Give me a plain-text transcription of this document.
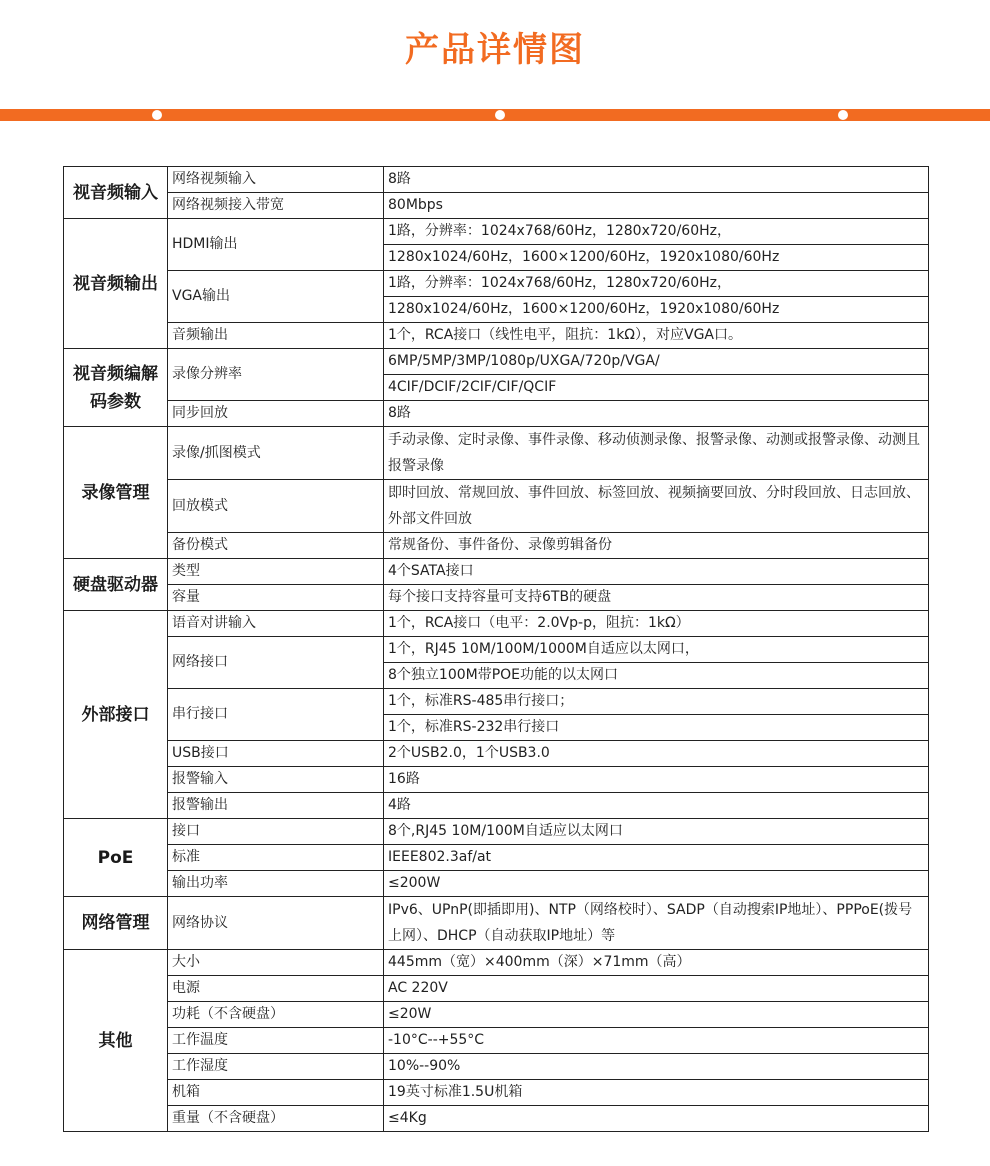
产品详情图
视音频输入	网络视频输入	8路
	网络视频接入带宽	80Mbps
视音频输出	HDMI输出	1路，分辨率：1024x768/60Hz，1280x720/60Hz，
		1280x1024/60Hz，1600×1200/60Hz，1920x1080/60Hz
	VGA输出	1路，分辨率：1024x768/60Hz，1280x720/60Hz，
		1280x1024/60Hz，1600×1200/60Hz，1920x1080/60Hz
	音频输出	1个，RCA接口（线性电平，阻抗：1kΩ），对应VGA口。
视音频编解码参数	录像分辨率	6MP/5MP/3MP/1080p/UXGA/720p/VGA/
		4CIF/DCIF/2CIF/CIF/QCIF
	同步回放	8路
录像管理	录像/抓图模式	手动录像、定时录像、事件录像、移动侦测录像、报警录像、动测或报警录像、动测且报警录像
	回放模式	即时回放、常规回放、事件回放、标签回放、视频摘要回放、分时段回放、日志回放、外部文件回放
	备份模式	常规备份、事件备份、录像剪辑备份
硬盘驱动器	类型	4个SATA接口
	容量	每个接口支持容量可支持6TB的硬盘
外部接口	语音对讲输入	1个，RCA接口（电平：2.0Vp-p，阻抗：1kΩ）
	网络接口	1个，RJ45 10M/100M/1000M自适应以太网口，
		8个独立100M带POE功能的以太网口
	串行接口	1个，标准RS-485串行接口；
		1个，标准RS-232串行接口
	USB接口	2个USB2.0，1个USB3.0
	报警输入	16路
	报警输出	4路
PoE	接口	8个,RJ45 10M/100M自适应以太网口
	标准	IEEE802.3af/at
	输出功率	≤200W
网络管理	网络协议	IPv6、UPnP(即插即用)、NTP（网络校时）、SADP（自动搜索IP地址）、PPPoE(拨号上网）、DHCP（自动获取IP地址）等
其他	大小	445mm（宽）×400mm（深）×71mm（高）
	电源	AC 220V
	功耗（不含硬盘）	≤20W
	工作温度	-10°C--+55°C
	工作湿度	10%--90%
	机箱	19英寸标准1.5U机箱
	重量（不含硬盘）	≤4Kg
